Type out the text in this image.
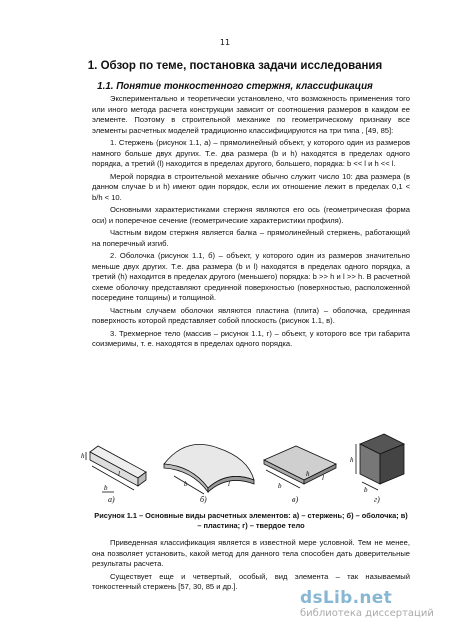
11
1. Обзор по теме, постановка задачи исследования
1.1. Понятие тонкостенного стержня, классификация

Экспериментально и теоретически установлено, что возможность применения того или иного метода расчета конструкции зависит от соотношения размеров в каждом ее элементе. Поэтому в строительной механике по геометрическому признаку все элементы расчетных моделей традиционно классифицируются на три типа , [49, 85]:

1. Стержень (рисунок 1.1, а) – прямолинейный объект, у которого один из размеров намного больше двух других. Т.е. два размера (b и h) находятся в пределах одного порядка, а третий (l) находится в пределах другого, большего, порядка: b << l и h << l.

Мерой порядка в строительной механике обычно служит число 10: два размера (в данном случае b и h) имеют один порядок, если их отношение лежит в пределах 0,1 < b/h < 10.

Основными характеристиками стержня являются его ось (геометрическая форма оси) и поперечное сечение (геометрические характеристики профиля).

Частным видом стержня является балка – прямолинейный стержень, работающий на поперечный изгиб.

2. Оболочка (рисунок 1.1, б) – объект, у которого один из размеров значительно меньше двух других. Т.е. два размера (b и l) находятся в пределах одного порядка, а третий (h) находится в пределах другого (меньшего) порядка: b >> h и l >> h. В расчетной схеме оболочку представляют срединной поверхностью (поверхностью, расположенной посередине толщины) и толщиной.

Частным случаем оболочки являются пластина (плита) – оболочка, срединная поверхность которой представляет собой плоскость (рисунок 1.1, в).

3. Трехмерное тело (массив – рисунок 1.1, г) – объект, у которого все три габарита соизмеримы, т. е. находятся в пределах одного порядка.

h
l
b	b	l
h
b
l
h
b
а)	б)	в)	г)
Рисунок 1.1 – Основные виды расчетных элементов: а) – стержень; б) – оболочка; в) – пластина; г) – твердое тело

Приведенная классификация является в известной мере условной. Тем не менее, она позволяет установить, какой метод для данного тела способен дать доверительные результаты расчета.

Существует еще и четвертый, особый, вид элемента – так называемый тонкостенный стержень [57, 30, 85 и др.].

dsLib.net
библиотека диссертаций
